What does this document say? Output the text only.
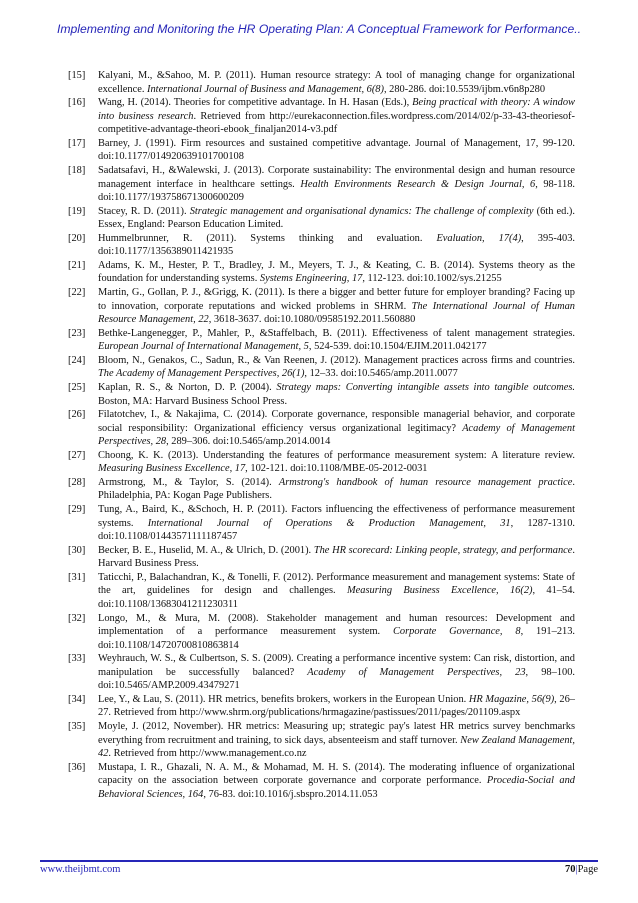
Implementing and Monitoring the HR Operating Plan: A Conceptual Framework for Performance..
[15] Kalyani, M., &Sahoo, M. P. (2011). Human resource strategy: A tool of managing change for organizational excellence. International Journal of Business and Management, 6(8), 280-286. doi:10.5539/ijbm.v6n8p280
[16] Wang, H. (2014). Theories for competitive advantage. In H. Hasan (Eds.), Being practical with theory: A window into business research. Retrieved from http://eurekaconnection.files.wordpress.com/2014/02/p-33-43-theoriesof-competitive-advantage-theori-ebook_finaljan2014-v3.pdf
[17] Barney, J. (1991). Firm resources and sustained competitive advantage. Journal of Management, 17, 99-120. doi:10.1177/014920639101700108
[18] Sadatsafavi, H., &Walewski, J. (2013). Corporate sustainability: The environmental design and human resource management interface in healthcare settings. Health Environments Research & Design Journal, 6, 98-118. doi:10.1177/193758671300600209
[19] Stacey, R. D. (2011). Strategic management and organisational dynamics: The challenge of complexity (6th ed.). Essex, England: Pearson Education Limited.
[20] Hummelbrunner, R. (2011). Systems thinking and evaluation. Evaluation, 17(4), 395-403. doi:10.1177/1356389011421935
[21] Adams, K. M., Hester, P. T., Bradley, J. M., Meyers, T. J., & Keating, C. B. (2014). Systems theory as the foundation for understanding systems. Systems Engineering, 17, 112-123. doi:10.1002/sys.21255
[22] Martin, G., Gollan, P. J., &Grigg, K. (2011). Is there a bigger and better future for employer branding? Facing up to innovation, corporate reputations and wicked problems in SHRM. The International Journal of Human Resource Management, 22, 3618-3637. doi:10.1080/09585192.2011.560880
[23] Bethke-Langenegger, P., Mahler, P., &Staffelbach, B. (2011). Effectiveness of talent management strategies. European Journal of International Management, 5, 524-539. doi:10.1504/EJIM.2011.042177
[24] Bloom, N., Genakos, C., Sadun, R., & Van Reenen, J. (2012). Management practices across firms and countries. The Academy of Management Perspectives, 26(1), 12–33. doi:10.5465/amp.2011.0077
[25] Kaplan, R. S., & Norton, D. P. (2004). Strategy maps: Converting intangible assets into tangible outcomes. Boston, MA: Harvard Business School Press.
[26] Filatotchev, I., & Nakajima, C. (2014). Corporate governance, responsible managerial behavior, and corporate social responsibility: Organizational efficiency versus organizational legitimacy? Academy of Management Perspectives, 28, 289–306. doi:10.5465/amp.2014.0014
[27] Choong, K. K. (2013). Understanding the features of performance measurement system: A literature review. Measuring Business Excellence, 17, 102-121. doi:10.1108/MBE-05-2012-0031
[28] Armstrong, M., & Taylor, S. (2014). Armstrong's handbook of human resource management practice. Philadelphia, PA: Kogan Page Publishers.
[29] Tung, A., Baird, K., &Schoch, H. P. (2011). Factors influencing the effectiveness of performance measurement systems. International Journal of Operations & Production Management, 31, 1287-1310. doi:10.1108/01443571111187457
[30] Becker, B. E., Huselid, M. A., & Ulrich, D. (2001). The HR scorecard: Linking people, strategy, and performance. Harvard Business Press.
[31] Taticchi, P., Balachandran, K., & Tonelli, F. (2012). Performance measurement and management systems: State of the art, guidelines for design and challenges. Measuring Business Excellence, 16(2), 41–54. doi:10.1108/13683041211230311
[32] Longo, M., & Mura, M. (2008). Stakeholder management and human resources: Development and implementation of a performance measurement system. Corporate Governance, 8, 191–213. doi:10.1108/14720700810863814
[33] Weyhrauch, W. S., & Culbertson, S. S. (2009). Creating a performance incentive system: Can risk, distortion, and manipulation be successfully balanced? Academy of Management Perspectives, 23, 98–100. doi:10.5465/AMP.2009.43479271
[34] Lee, Y., & Lau, S. (2011). HR metrics, benefits brokers, workers in the European Union. HR Magazine, 56(9), 26–27. Retrieved from http://www.shrm.org/publications/hrmagazine/pastissues/2011/pages/201109.aspx
[35] Moyle, J. (2012, November). HR metrics: Measuring up; strategic pay's latest HR metrics survey benchmarks everything from recruitment and training, to sick days, absenteeism and staff turnover. New Zealand Management, 42. Retrieved from http://www.management.co.nz
[36] Mustapa, I. R., Ghazali, N. A. M., & Mohamad, M. H. S. (2014). The moderating influence of organizational capacity on the association between corporate governance and corporate performance. Procedia-Social and Behavioral Sciences, 164, 76-83. doi:10.1016/j.sbspro.2014.11.053
www.theijbmt.com	70|Page
